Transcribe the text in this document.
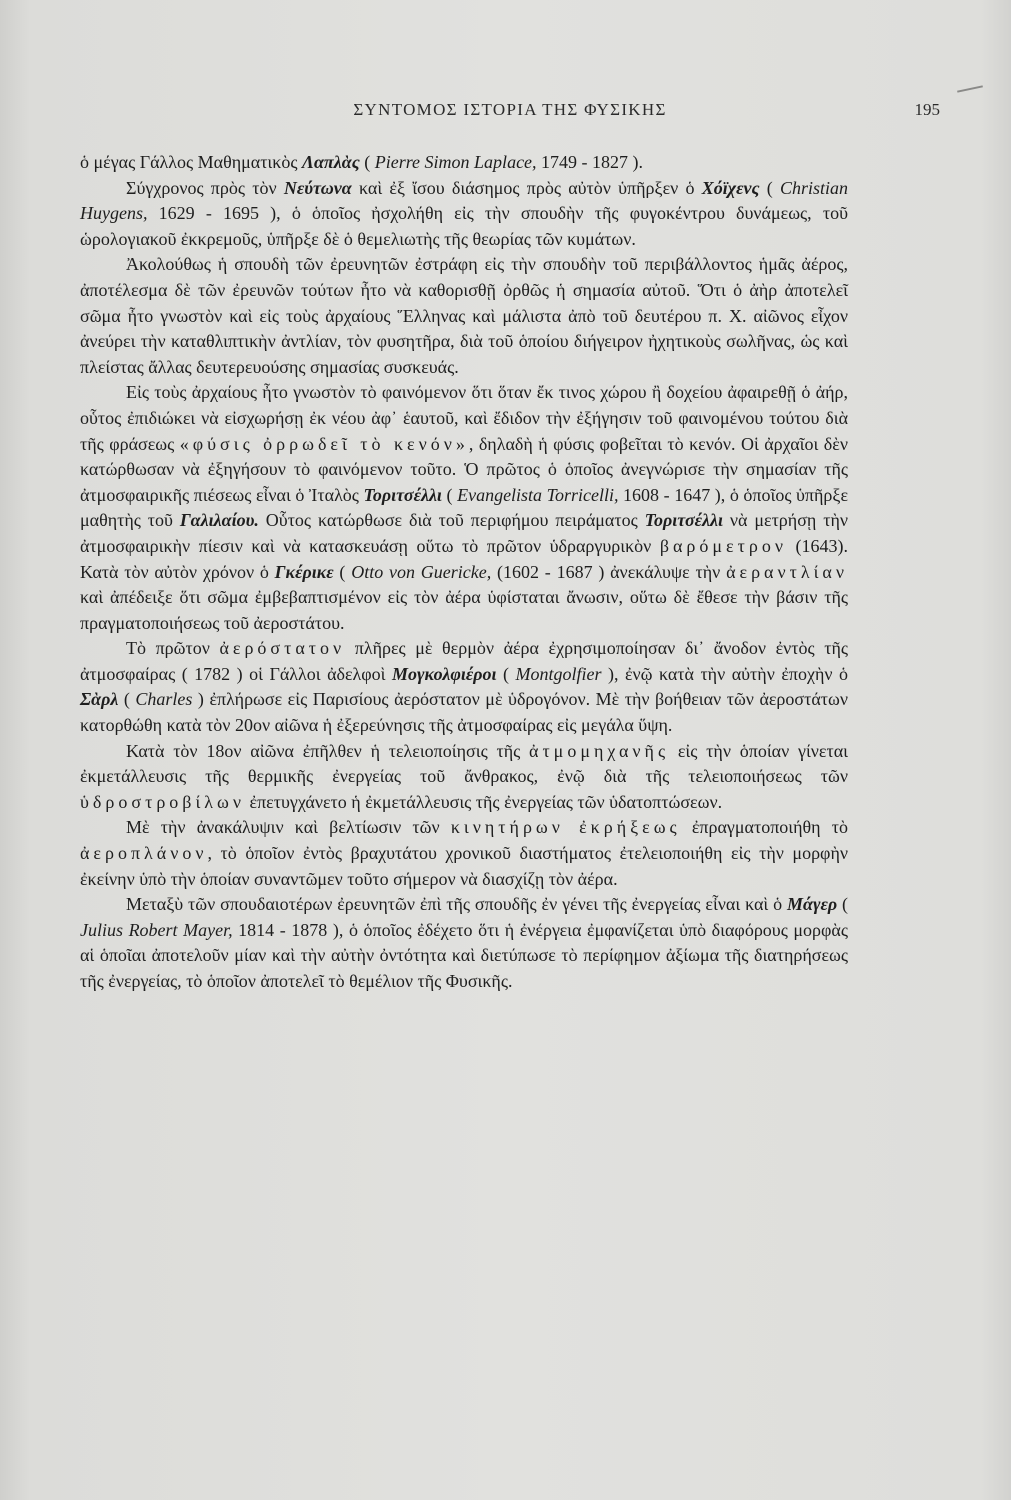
ΣΥΝΤΟΜΟΣ ΙΣΤΟΡΙΑ ΤΗΣ ΦΥΣΙΚΗΣ	195

ὁ μέγας Γάλλος Μαθηματικὸς Λαπλὰς ( Pierre Simon Laplace, 1749 - 1827 ).

Σύγχρονος πρὸς τὸν Νεύτωνα καὶ ἐξ ἴσου διάσημος πρὸς αὐτὸν ὑπῆρξεν ὁ Χόϊχενς ( Christian Huygens, 1629 - 1695 ), ὁ ὁποῖος ἠσχολήθη εἰς τὴν σπουδὴν τῆς φυγοκέντρου δυνάμεως, τοῦ ὡρολογιακοῦ ἐκκρεμοῦς, ὑπῆρξε δὲ ὁ θεμελιωτὴς τῆς θεωρίας τῶν κυμάτων.

Ἀκολούθως ἡ σπουδὴ τῶν ἐρευνητῶν ἐστράφη εἰς τὴν σπουδὴν τοῦ περιβάλλοντος ἡμᾶς ἀέρος, ἀποτέλεσμα δὲ τῶν ἐρευνῶν τούτων ἦτο νὰ καθορισθῇ ὀρθῶς ἡ σημασία αὐτοῦ. Ὅτι ὁ ἀὴρ ἀποτελεῖ σῶμα ἦτο γνωστὸν καὶ εἰς τοὺς ἀρχαίους Ἕλληνας καὶ μάλιστα ἀπὸ τοῦ δευτέρου π. Χ. αἰῶνος εἶχον ἀνεύρει τὴν καταθλιπτικὴν ἀντλίαν, τὸν φυσητῆρα, διὰ τοῦ ὁποίου διήγειρον ἠχητικοὺς σωλῆνας, ὡς καὶ πλείστας ἄλλας δευτερευούσης σημασίας συσκευάς.

Εἰς τοὺς ἀρχαίους ἦτο γνωστὸν τὸ φαινόμενον ὅτι ὅταν ἔκ τινος χώρου ἢ δοχείου ἀφαιρεθῇ ὁ ἀήρ, οὗτος ἐπιδιώκει νὰ εἰσχωρήσῃ ἐκ νέου ἀφ᾿ ἑαυτοῦ, καὶ ἔδιδον τὴν ἐξήγησιν τοῦ φαινομένου τούτου διὰ τῆς φράσεως «φύσις ὀρρωδεῖ τὸ κενόν», δηλαδὴ ἡ φύσις φοβεῖται τὸ κενόν. Οἱ ἀρχαῖοι δὲν κατώρθωσαν νὰ ἐξηγήσουν τὸ φαινόμενον τοῦτο. Ὁ πρῶτος ὁ ὁποῖος ἀνεγνώρισε τὴν σημασίαν τῆς ἀτμοσφαιρικῆς πιέσεως εἶναι ὁ Ἰταλὸς Τοριτσέλλι ( Evangelista Torricelli, 1608 - 1647 ), ὁ ὁποῖος ὑπῆρξε μαθητὴς τοῦ Γαλιλαίου. Οὗτος κατώρθωσε διὰ τοῦ περιφήμου πειράματος Τοριτσέλλι νὰ μετρήσῃ τὴν ἀτμοσφαιρικὴν πίεσιν καὶ νὰ κατασκευάσῃ οὕτω τὸ πρῶτον ὑδραργυρικὸν βαρόμετρον (1643). Κατὰ τὸν αὐτὸν χρόνον ὁ Γκέρικε ( Otto von Guericke, (1602 - 1687 ) ἀνεκάλυψε τὴν ἀεραντλίαν καὶ ἀπέδειξε ὅτι σῶμα ἐμβεβαπτισμένον εἰς τὸν ἀέρα ὑφίσταται ἄνωσιν, οὕτω δὲ ἔθεσε τὴν βάσιν τῆς πραγματοποιήσεως τοῦ ἀεροστάτου.

Τὸ πρῶτον ἀερόστατον πλῆρες μὲ θερμὸν ἀέρα ἐχρησιμοποίησαν δι᾿ ἄνοδον ἐντὸς τῆς ἀτμοσφαίρας ( 1782 ) οἱ Γάλλοι ἀδελφοὶ Μογκολφιέροι ( Montgolfier ), ἐνῷ κατὰ τὴν αὐτὴν ἐποχὴν ὁ Σὰρλ ( Charles ) ἐπλήρωσε εἰς Παρισίους ἀερόστατον μὲ ὑδρογόνον. Μὲ τὴν βοήθειαν τῶν ἀεροστάτων κατορθώθη κατὰ τὸν 20ον αἰῶνα ἡ ἐξερεύνησις τῆς ἀτμοσφαίρας εἰς μεγάλα ὕψη.

Κατὰ τὸν 18ον αἰῶνα ἐπῆλθεν ἡ τελειοποίησις τῆς ἀτμομηχανῆς εἰς τὴν ὁποίαν γίνεται ἐκμετάλλευσις τῆς θερμικῆς ἐνεργείας τοῦ ἄνθρακος, ἐνῷ διὰ τῆς τελειοποιήσεως τῶν ὑδροστροβίλων ἐπετυγχάνετο ἡ ἐκμετάλλευσις τῆς ἐνεργείας τῶν ὑδατοπτώσεων.

Μὲ τὴν ἀνακάλυψιν καὶ βελτίωσιν τῶν κινητήρων ἐκρήξεως ἐπραγματοποιήθη τὸ ἀεροπλάνον, τὸ ὁποῖον ἐντὸς βραχυτάτου χρονικοῦ διαστήματος ἐτελειοποιήθη εἰς τὴν μορφὴν ἐκείνην ὑπὸ τὴν ὁποίαν συναντῶμεν τοῦτο σήμερον νὰ διασχίζῃ τὸν ἀέρα.

Μεταξὺ τῶν σπουδαιοτέρων ἐρευνητῶν ἐπὶ τῆς σπουδῆς ἐν γένει τῆς ἐνεργείας εἶναι καὶ ὁ Μάγερ ( Julius Robert Mayer, 1814 - 1878 ), ὁ ὁποῖος ἐδέχετο ὅτι ἡ ἐνέργεια ἐμφανίζεται ὑπὸ διαφόρους μορφὰς αἱ ὁποῖαι ἀποτελοῦν μίαν καὶ τὴν αὐτὴν ὀντότητα καὶ διετύπωσε τὸ περίφημον ἀξίωμα τῆς διατηρήσεως τῆς ἐνεργείας, τὸ ὁποῖον ἀποτελεῖ τὸ θεμέλιον τῆς Φυσικῆς.
